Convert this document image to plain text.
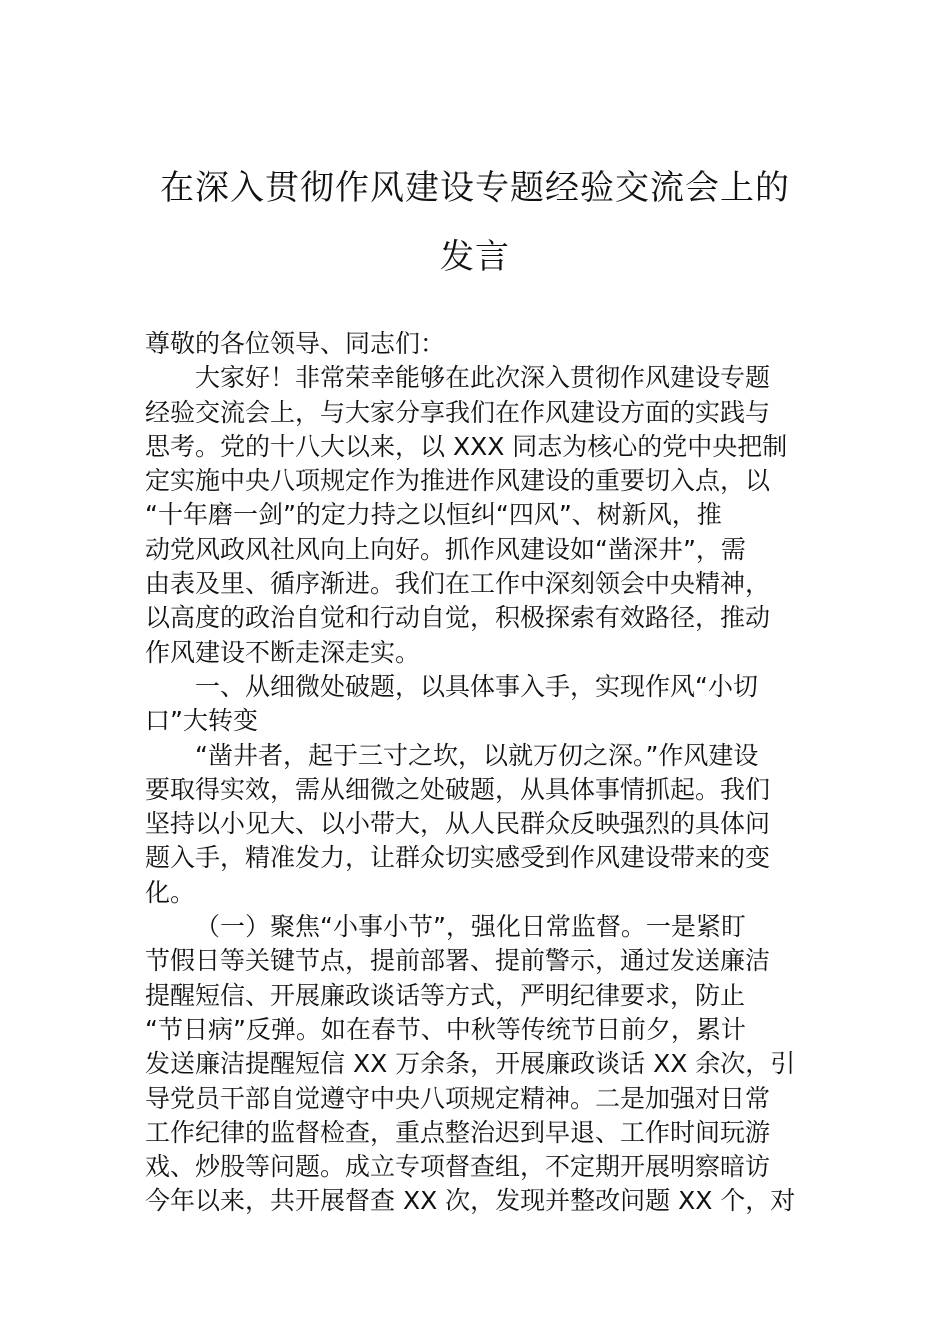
在深入贯彻作风建设专题经验交流会上的
发言
尊敬的各位领导、同志们：
大家好！非常荣幸能够在此次深入贯彻作风建设专题
经验交流会上，与大家分享我们在作风建设方面的实践与
思考。党的十八大以来，以 XXX 同志为核心的党中央把制
定实施中央八项规定作为推进作风建设的重要切入点，以
“十年磨一剑”的定力持之以恒纠“四风”、树新风，推
动党风政风社风向上向好。抓作风建设如“凿深井”，需
由表及里、循序渐进。我们在工作中深刻领会中央精神，
以高度的政治自觉和行动自觉，积极探索有效路径，推动
作风建设不断走深走实。
一、从细微处破题，以具体事入手，实现作风“小切
口”大转变
“凿井者，起于三寸之坎，以就万仞之深。”作风建设
要取得实效，需从细微之处破题，从具体事情抓起。我们
坚持以小见大、以小带大，从人民群众反映强烈的具体问
题入手，精准发力，让群众切实感受到作风建设带来的变
化。
（一）聚焦“小事小节”，强化日常监督。一是紧盯
节假日等关键节点，提前部署、提前警示，通过发送廉洁
提醒短信、开展廉政谈话等方式，严明纪律要求，防止
“节日病”反弹。如在春节、中秋等传统节日前夕，累计
发送廉洁提醒短信 XX 万余条，开展廉政谈话 XX 余次，引
导党员干部自觉遵守中央八项规定精神。二是加强对日常
工作纪律的监督检查，重点整治迟到早退、工作时间玩游
戏、炒股等问题。成立专项督查组，不定期开展明察暗访
今年以来，共开展督查 XX 次，发现并整改问题 XX 个，对
